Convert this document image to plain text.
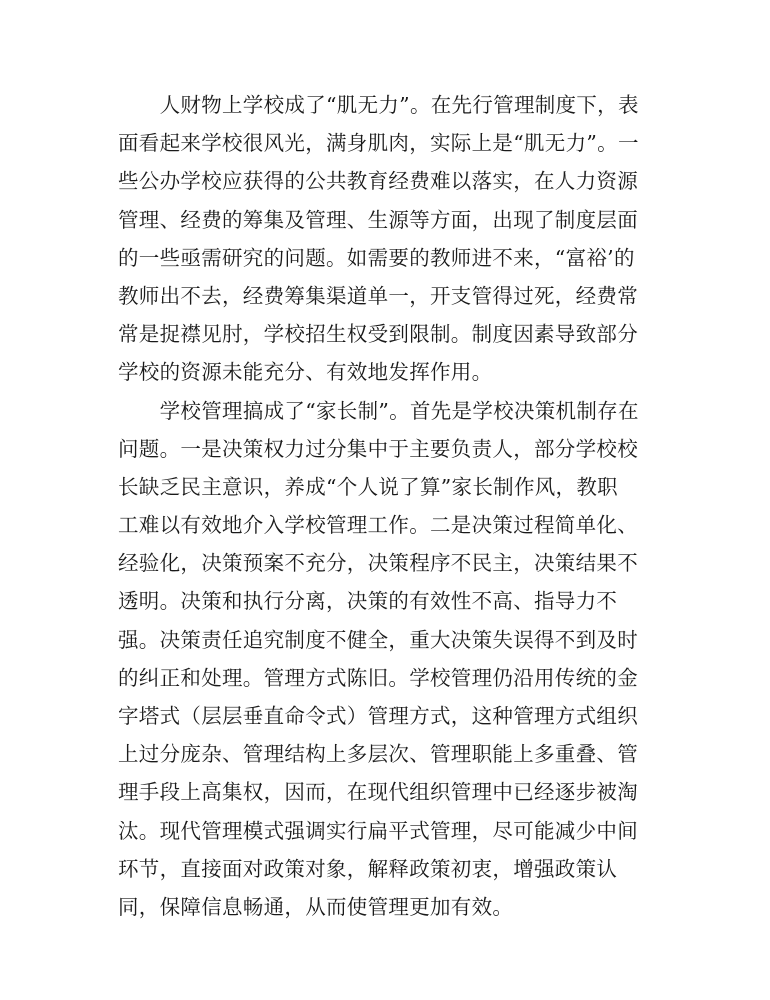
　　人财物上学校成了“肌无力”。在先行管理制度下，表
面看起来学校很风光，满身肌肉，实际上是“肌无力”。一
些公办学校应获得的公共教育经费难以落实，在人力资源
管理、经费的筹集及管理、生源等方面，出现了制度层面
的一些亟需研究的问题。如需要的教师进不来，“富裕’的
教师出不去，经费筹集渠道单一，开支管得过死，经费常
常是捉襟见肘，学校招生权受到限制。制度因素导致部分
学校的资源未能充分、有效地发挥作用。
　　学校管理搞成了“家长制”。首先是学校决策机制存在
问题。一是决策权力过分集中于主要负责人，部分学校校
长缺乏民主意识，养成“个人说了算”家长制作风，教职
工难以有效地介入学校管理工作。二是决策过程简单化、
经验化，决策预案不充分，决策程序不民主，决策结果不
透明。决策和执行分离，决策的有效性不高、指导力不
强。决策责任追究制度不健全，重大决策失误得不到及时
的纠正和处理。管理方式陈旧。学校管理仍沿用传统的金
字塔式（层层垂直命令式）管理方式，这种管理方式组织
上过分庞杂、管理结构上多层次、管理职能上多重叠、管
理手段上高集权，因而，在现代组织管理中已经逐步被淘
汰。现代管理模式强调实行扁平式管理，尽可能减少中间
环节，直接面对政策对象，解释政策初衷，增强政策认
同，保障信息畅通，从而使管理更加有效。
